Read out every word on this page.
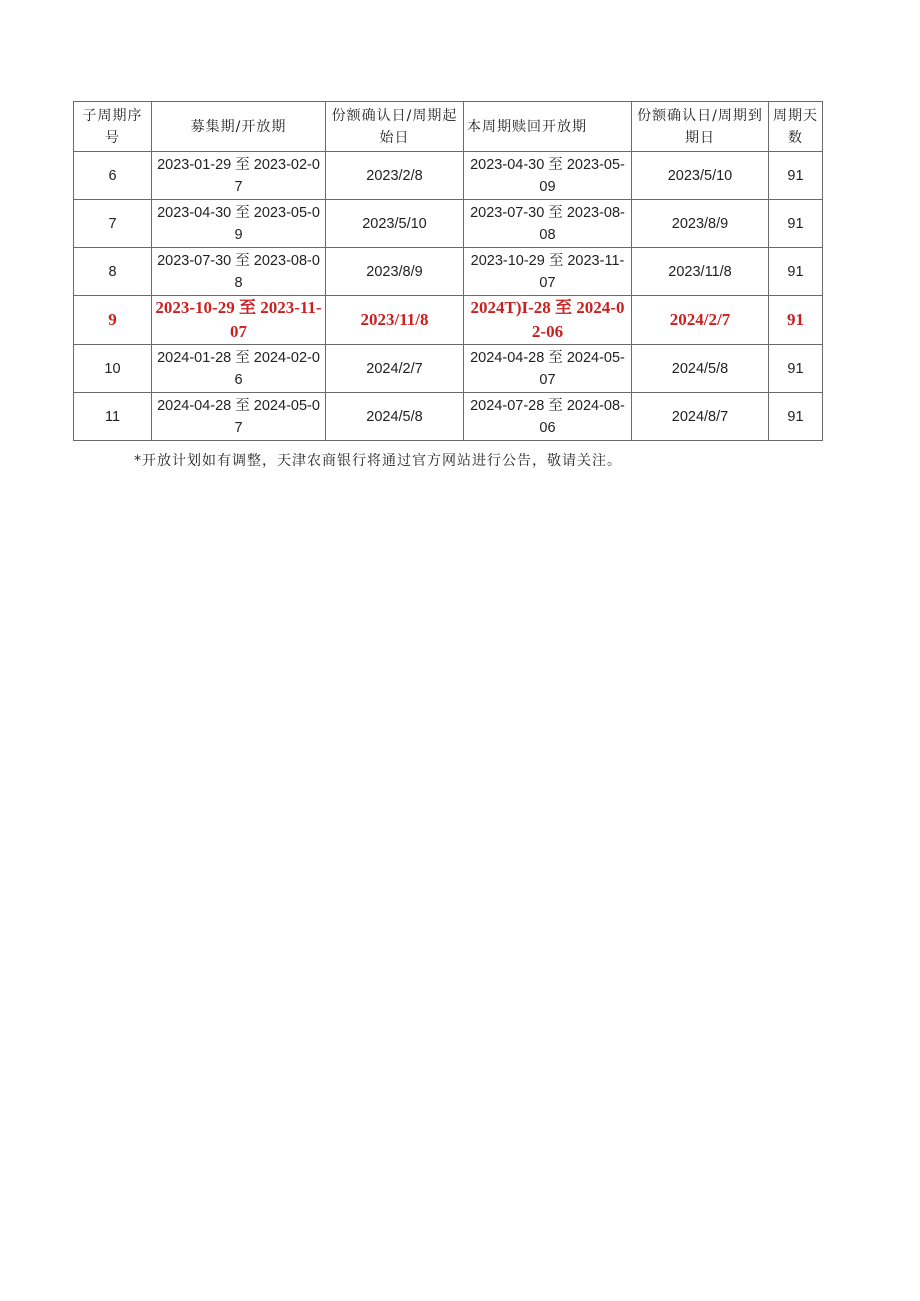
子周期序号	募集期/开放期	份额确认日/周期起始日	本周期赎回开放期	份额确认日/周期到期日	周期天数
6	2023-01-29 至 2023-02-07	2023/2/8	2023-04-30 至 2023-05-09	2023/5/10	91
7	2023-04-30 至 2023-05-09	2023/5/10	2023-07-30 至 2023-08-08	2023/8/9	91
8	2023-07-30 至 2023-08-08	2023/8/9	2023-10-29 至 2023-11-07	2023/11/8	91
9	2023-10-29 至 2023-11-07	2023/11/8	2024T)I-28 至 2024-02-06	2024/2/7	91
10	2024-01-28 至 2024-02-06	2024/2/7	2024-04-28 至 2024-05-07	2024/5/8	91
11	2024-04-28 至 2024-05-07	2024/5/8	2024-07-28 至 2024-08-06	2024/8/7	91
*开放计划如有调整，天津农商银行将通过官方网站进行公告，敬请关注。
